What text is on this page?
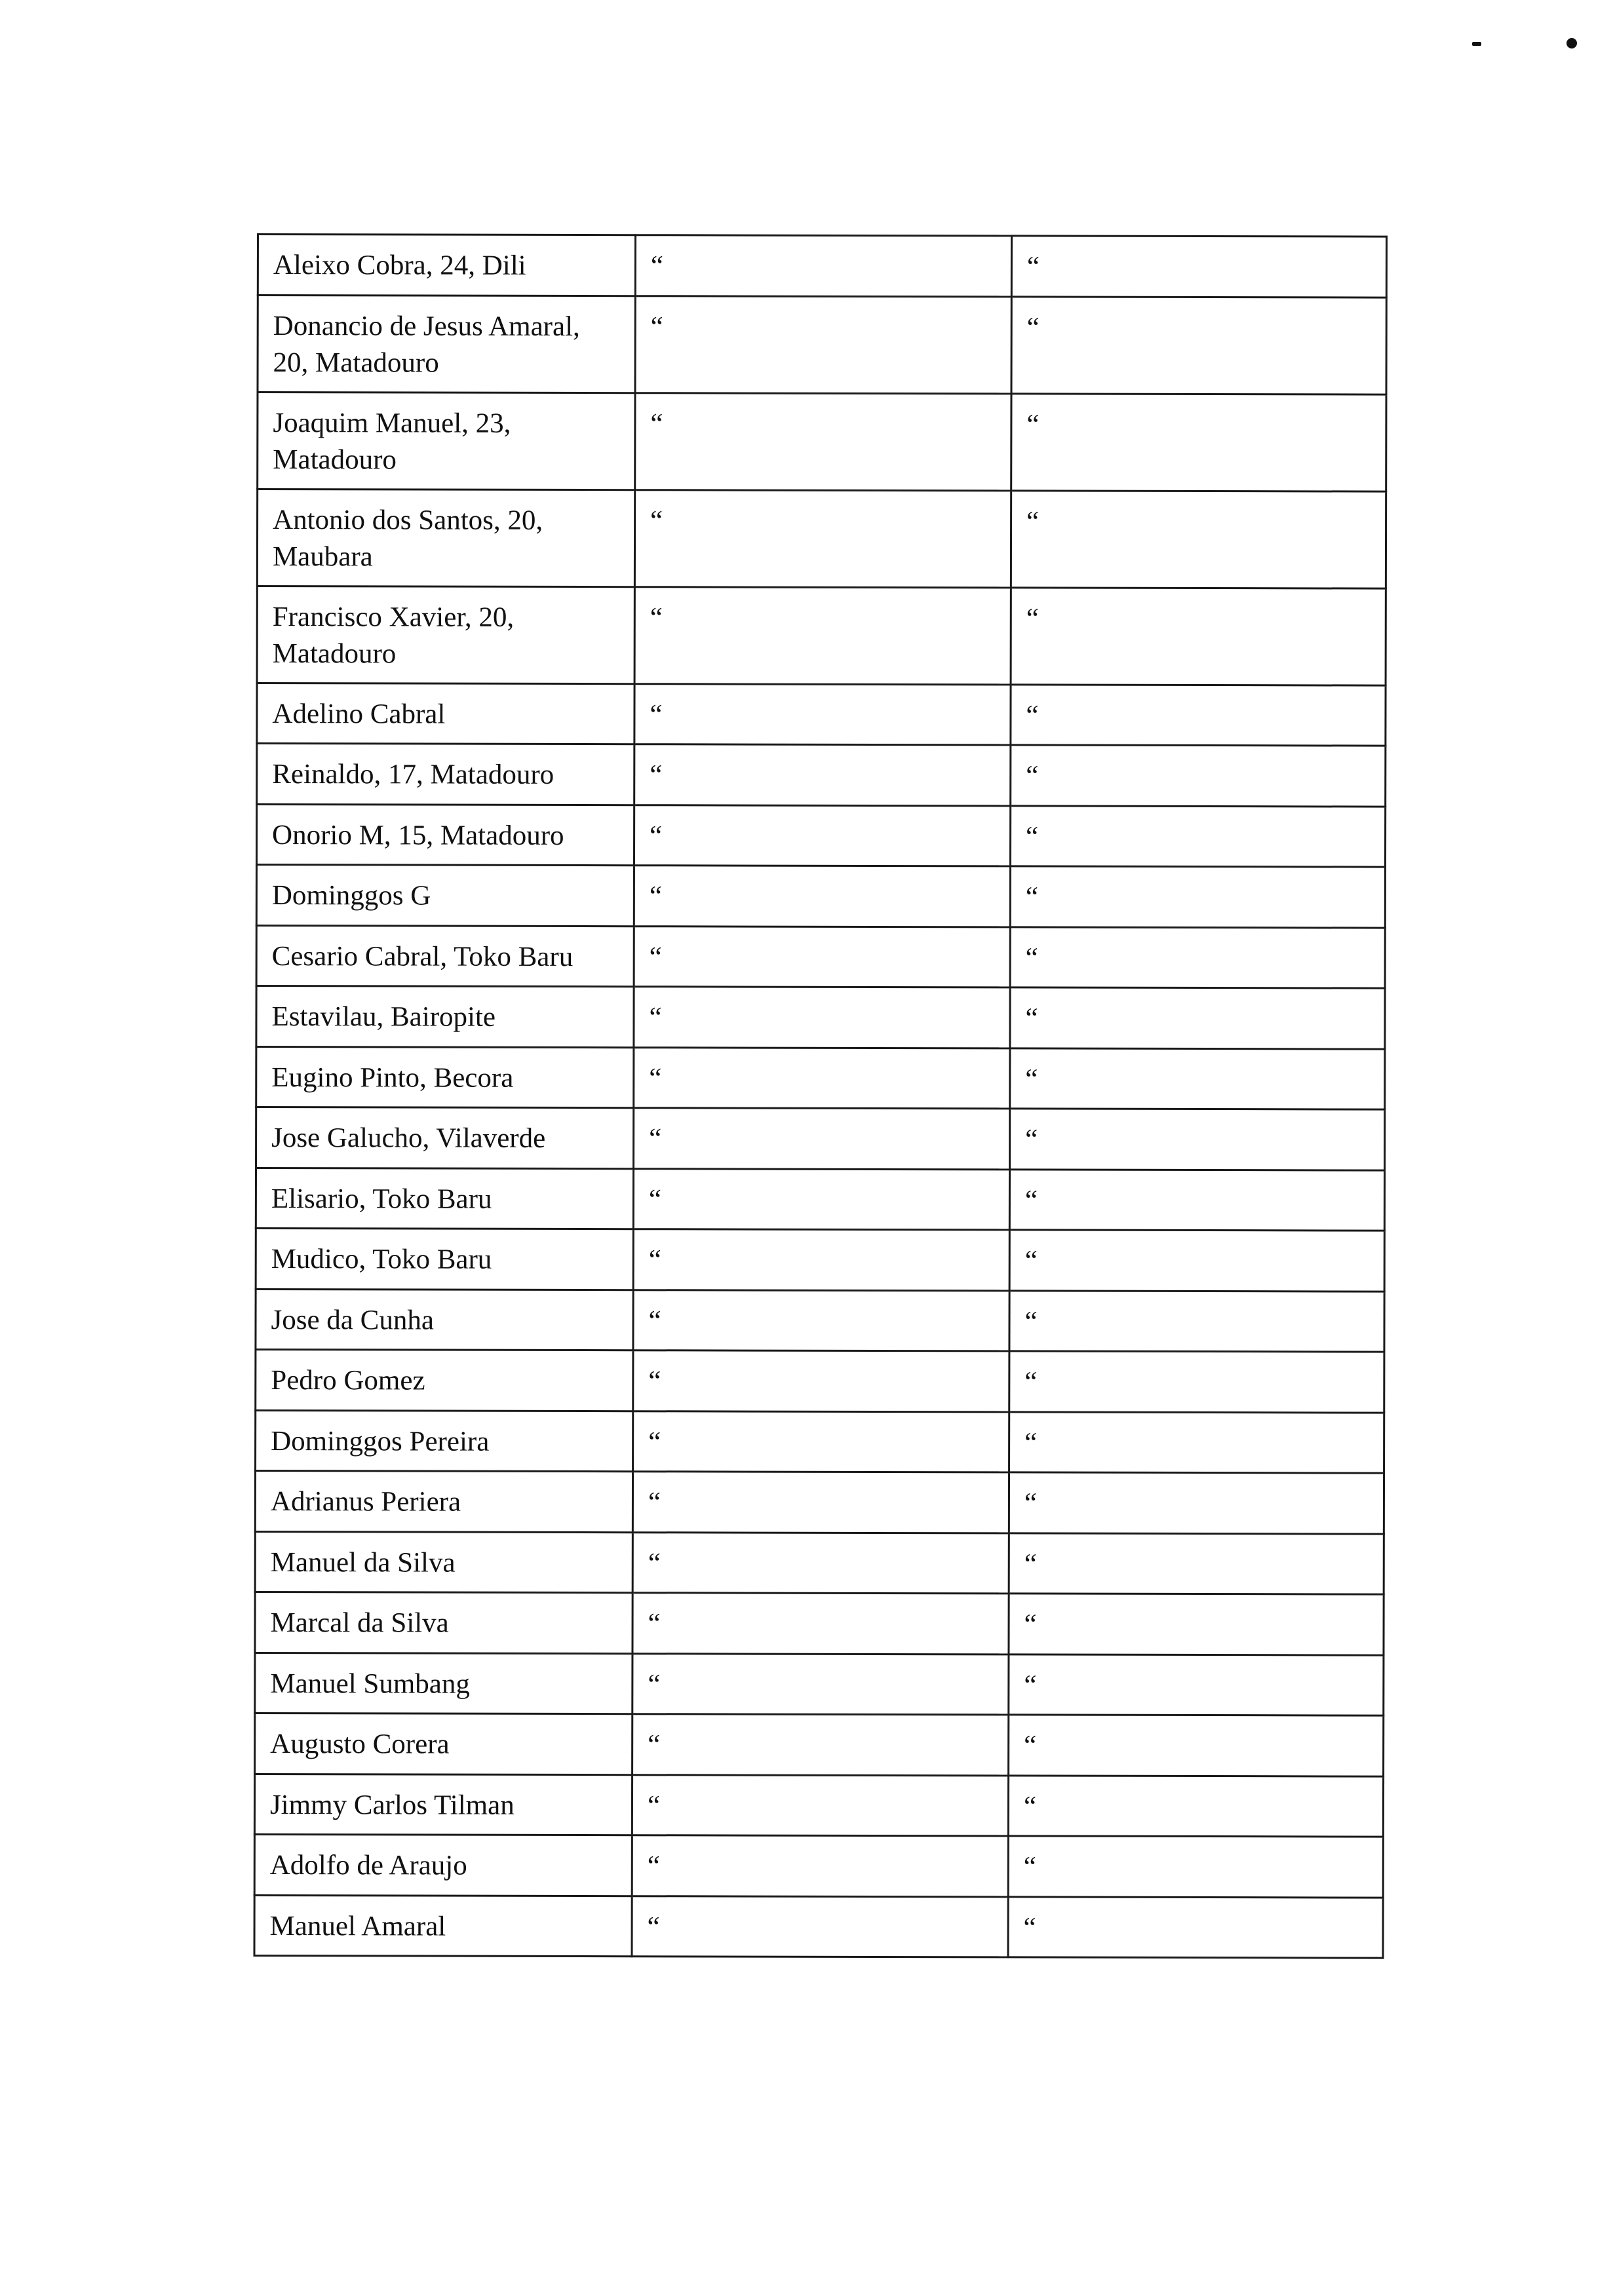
Aleixo Cobra, 24, Dili	“	“
Donancio de Jesus Amaral, 20, Matadouro	“	“
Joaquim Manuel, 23, Matadouro	“	“
Antonio dos Santos, 20, Maubara	“	“
Francisco Xavier, 20, Matadouro	“	“
Adelino Cabral	“	“
Reinaldo, 17, Matadouro	“	“
Onorio M, 15, Matadouro	“	“
Dominggos G	“	“
Cesario Cabral, Toko Baru	“	“
Estavilau, Bairopite	“	“
Eugino Pinto, Becora	“	“
Jose Galucho, Vilaverde	“	“
Elisario, Toko Baru	“	“
Mudico, Toko Baru	“	“
Jose da Cunha	“	“
Pedro Gomez	“	“
Dominggos Pereira	“	“
Adrianus Periera	“	“
Manuel da Silva	“	“
Marcal da Silva	“	“
Manuel Sumbang	“	“
Augusto Corera	“	“
Jimmy Carlos Tilman	“	“
Adolfo de Araujo	“	“
Manuel Amaral	“	“
